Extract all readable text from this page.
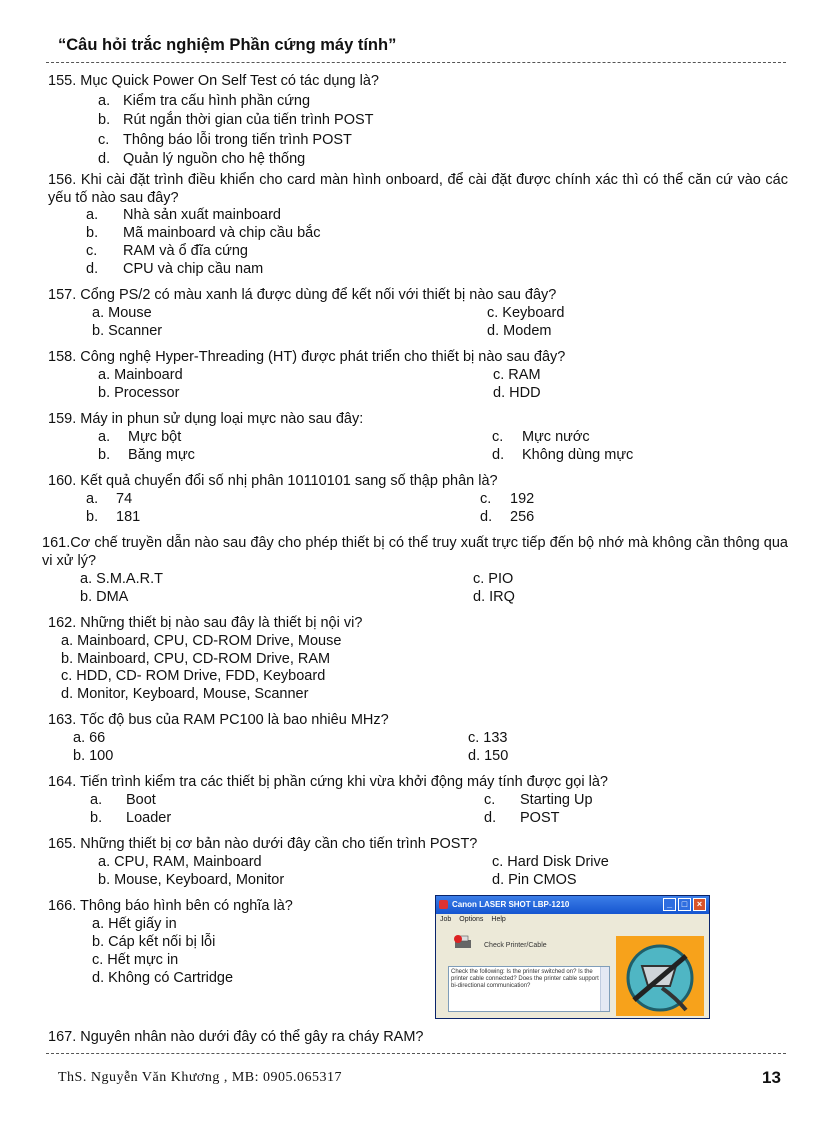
“Câu hỏi trắc nghiệm Phần cứng máy tính”
155. Mục Quick Power On Self Test có tác dụng là?
a. Kiểm tra cấu hình phần cứng
b. Rút ngắn thời gian của tiến trình POST
c. Thông báo lỗi trong tiến trình POST
d. Quản lý nguồn cho hệ thống
156. Khi cài đặt trình điều khiển cho card màn hình onboard, để cài đặt được chính xác thì có thể căn cứ vào các yếu tố nào sau đây?
a. Nhà sản xuất mainboard
b. Mã mainboard và chip cầu bắc
c. RAM và ổ đĩa cứng
d. CPU và chip cầu nam
157. Cổng PS/2 có màu xanh lá được dùng để kết nối với thiết bị nào sau đây?
a. Mouse	c. Keyboard
b. Scanner	d. Modem
158. Công nghệ Hyper-Threading (HT) được phát triển cho thiết bị nào sau đây?
a. Mainboard	c. RAM
b. Processor	d. HDD
159. Máy in phun sử dụng loại mực nào sau đây:
a. Mực bột	c. Mực nước
b. Băng mực	d. Không dùng mực
160. Kết quả chuyển đổi số nhị phân 10110101 sang số thập phân là?
a. 74	c. 192
b. 181	d. 256
161.Cơ chế truyền dẫn nào sau đây cho phép thiết bị có thể truy xuất trực tiếp đến bộ nhớ mà không cần thông qua vi xử lý?
a. S.M.A.R.T	c. PIO
b. DMA	d. IRQ
162. Những thiết bị nào sau đây là thiết bị nội vi?
a. Mainboard, CPU, CD-ROM Drive, Mouse
b. Mainboard, CPU, CD-ROM Drive, RAM
c. HDD, CD- ROM Drive, FDD, Keyboard
d. Monitor, Keyboard, Mouse, Scanner
163. Tốc độ bus của RAM PC100 là bao nhiêu MHz?
a. 66	c. 133
b. 100	d. 150
164. Tiến trình kiểm tra các thiết bị phần cứng khi vừa khởi động máy tính được gọi là?
a. Boot	c. Starting Up
b. Loader	d. POST
165. Những thiết bị cơ bản nào dưới đây cần cho tiến trình POST?
a. CPU, RAM, Mainboard	c. Hard Disk Drive
b. Mouse, Keyboard, Monitor	d. Pin CMOS
166. Thông báo hình bên có nghĩa là?
a. Hết giấy in
b. Cáp kết nối bị lỗi
c. Hết mực in
d. Không có Cartridge
Canon LASER SHOT LBP-1210	_	□	×
Job Options Help
Check Printer/Cable
Check the following: Is the printer switched on? Is the printer cable connected? Does the printer cable support bi-directional communication?
167. Nguyên nhân nào dưới đây có thể gây ra cháy RAM?
ThS. Nguyễn Văn Khương , MB: 0905.065317	13
